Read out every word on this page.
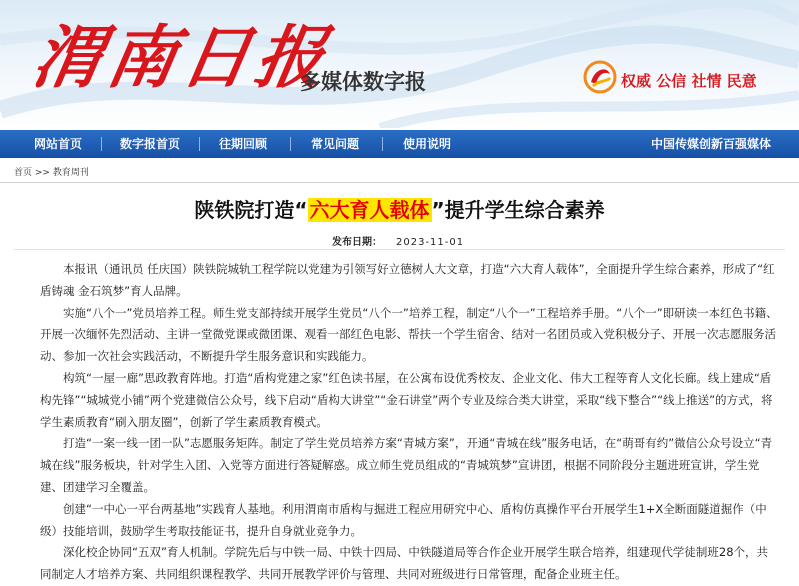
渭南日报
多媒体数字报	权威 公信 社情 民意
网站首页	数字报首页	往期回顾	常见问题	使用说明	中国传媒创新百强媒体
首页 >> 教育周刊
陕铁院打造“ 六大育人载体 ”提升学生综合素养
发布日期： 2023-11-01

本报讯（通讯员 任庆国）陕铁院城轨工程学院以党建为引领写好立德树人大文章，打造“六大育人载体”，全面提升学生综合素养，形成了“红盾铸魂 金石筑梦”育人品牌。

实施“八个一”党员培养工程。师生党支部持续开展学生党员“八个一”培养工程，制定“八个一”工程培养手册。“八个一”即研读一本红色书籍、开展一次缅怀先烈活动、主讲一堂微党课或微团课、观看一部红色电影、帮扶一个学生宿舍、结对一名团员或入党积极分子、开展一次志愿服务活动、参加一次社会实践活动，不断提升学生服务意识和实践能力。

构筑“一屋一廊”思政教育阵地。打造“盾构党建之家”红色读书屋，在公寓布设优秀校友、企业文化、伟大工程等育人文化长廊。线上建成“盾构先锋”“城城党小铺”两个党建微信公众号，线下启动“盾构大讲堂”“金石讲堂”两个专业及综合类大讲堂，采取“线下整合”“线上推送”的方式，将学生素质教育“刷入朋友圈”，创新了学生素质教育模式。

打造“一案一线一团一队”志愿服务矩阵。制定了学生党员培养方案“青城方案”，开通“青城在线”服务电话，在“萌哥有约”微信公众号设立“青城在线”服务板块，针对学生入团、入党等方面进行答疑解惑。成立师生党员组成的“青城筑梦”宣讲团，根据不同阶段分主题进班宣讲，学生党建、团建学习全覆盖。

创建“一中心一平台两基地”实践育人基地。利用渭南市盾构与掘进工程应用研究中心、盾构仿真操作平台开展学生1+X全断面隧道掘作（中级）技能培训，鼓励学生考取技能证书，提升自身就业竞争力。

深化校企协同“五双”育人机制。学院先后与中铁一局、中铁十四局、中铁隧道局等合作企业开展学生联合培养，组建现代学徒制班28个，共同制定人才培养方案、共同组织课程教学、共同开展教学评价与管理、共同对班级进行日常管理，配备企业班主任。
